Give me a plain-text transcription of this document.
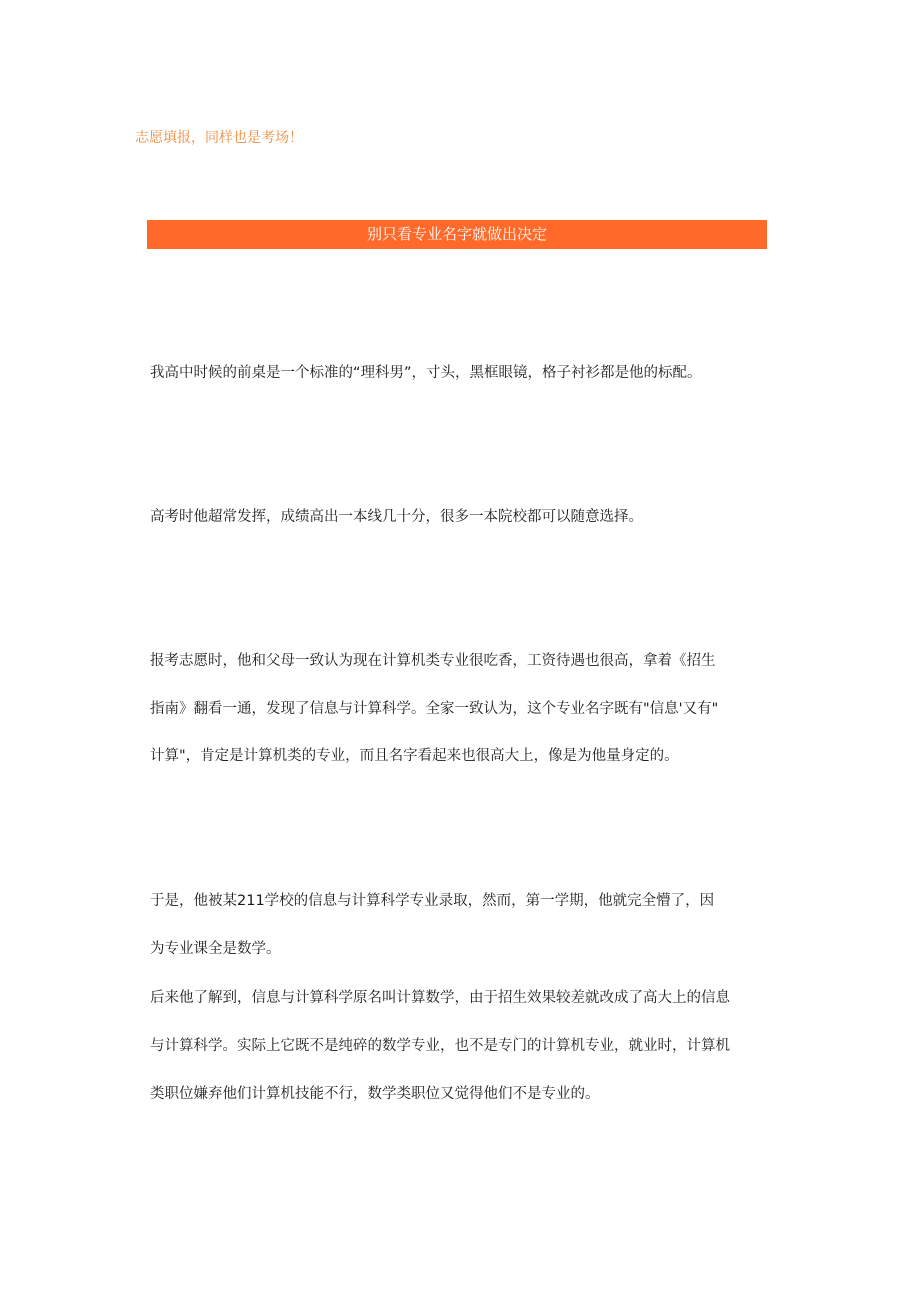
志愿填报，同样也是考场！
别只看专业名字就做出决定
我高中时候的前桌是一个标准的“理科男”，寸头，黑框眼镜，格子衬衫都是他的标配。
高考时他超常发挥，成绩高出一本线几十分，很多一本院校都可以随意选择。
报考志愿时，他和父母一致认为现在计算机类专业很吃香，工资待遇也很高，拿着《招生
指南》翻看一通，发现了信息与计算科学。全家一致认为，这个专业名字既有"信息'又有"
计算"，肯定是计算机类的专业，而且名字看起来也很高大上，像是为他量身定的。
于是，他被某211学校的信息与计算科学专业录取，然而，第一学期，他就完全懵了，因
为专业课全是数学。
后来他了解到，信息与计算科学原名叫计算数学，由于招生效果较差就改成了高大上的信息
与计算科学。实际上它既不是纯碎的数学专业，也不是专门的计算机专业，就业时，计算机
类职位嫌弃他们计算机技能不行，数学类职位又觉得他们不是专业的。
